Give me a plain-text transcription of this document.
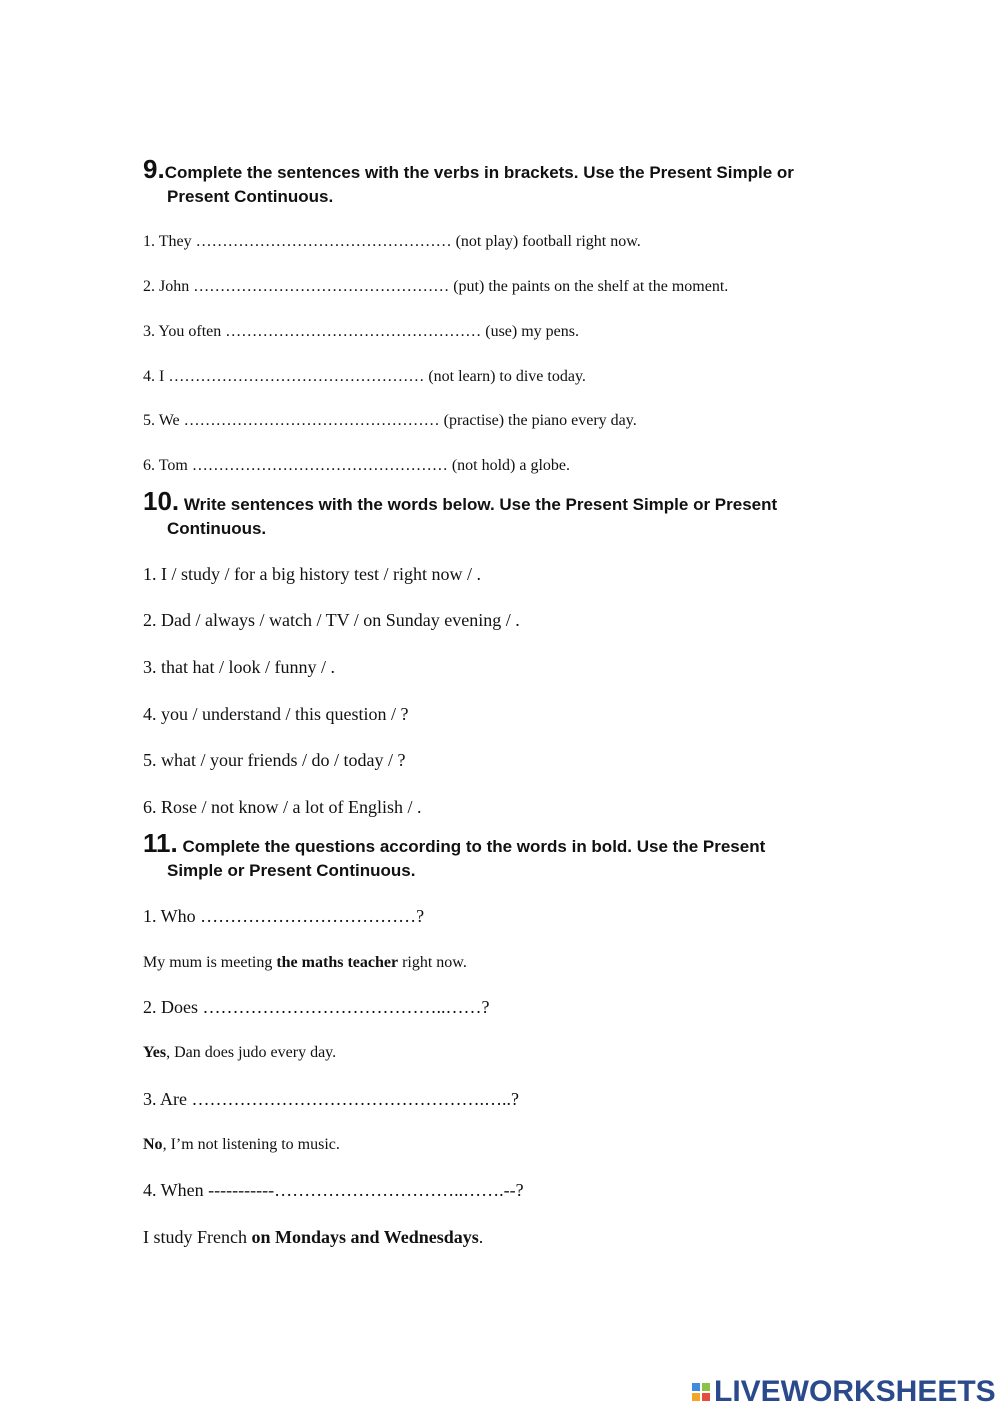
9.Complete the sentences with the verbs in brackets. Use the Present Simple or
Present Continuous.
1. They ………………………………………… (not play) football right now.
2. John ………………………………………… (put) the paints on the shelf at the moment.
3. You often ………………………………………… (use) my pens.
4. I ………………………………………… (not learn) to dive today.
5. We ………………………………………… (practise) the piano every day.
6. Tom ………………………………………… (not hold) a globe.
10. Write sentences with the words below. Use the Present Simple or Present
Continuous.
1. I / study / for a big history test / right now / .
2. Dad / always / watch / TV / on Sunday evening / .
3. that hat / look / funny / .
4. you / understand / this question / ?
5. what / your friends / do / today / ?
6. Rose / not know / a lot of English / .
11. Complete the questions according to the words in bold. Use the Present
Simple or Present Continuous.
1. Who ………………………………?
My mum is meeting the maths teacher right now.
2. Does …………………………………..……?
Yes, Dan does judo every day.
3. Are ………………………………………….…..?
No, I’m not listening to music.
4. When -----------…………………………..…….--?
I study French on Mondays and Wednesdays.
LIVEWORKSHEETS
